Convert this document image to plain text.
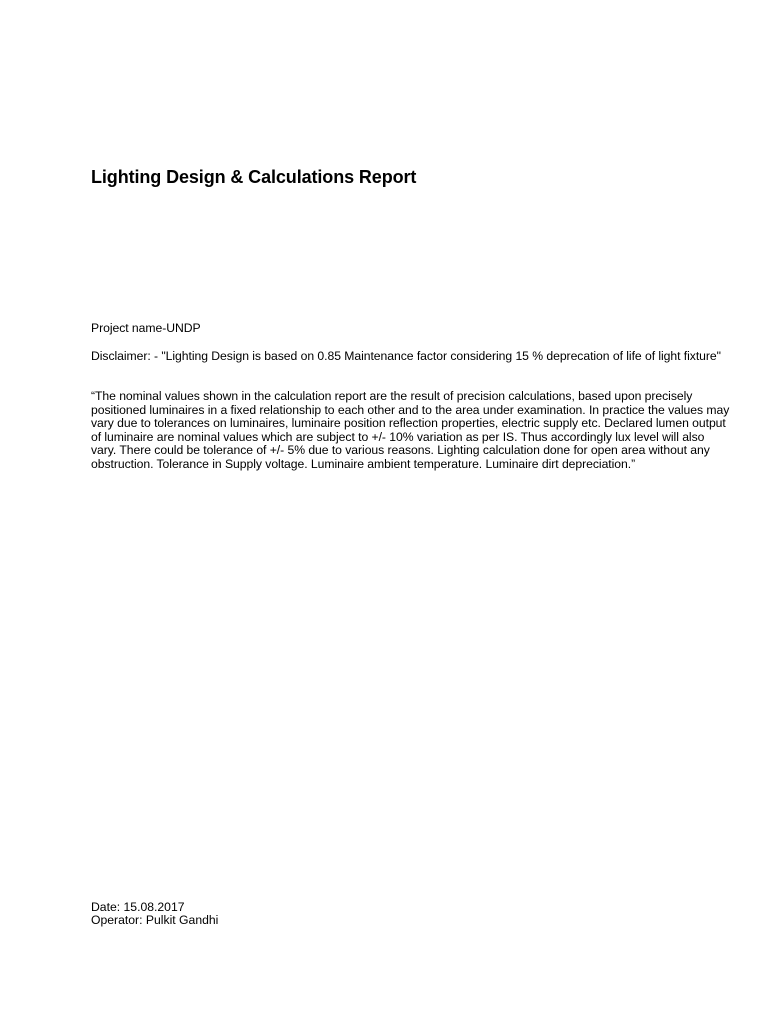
Lighting Design & Calculations Report
Project name-UNDP
Disclaimer: - "Lighting Design is based on 0.85 Maintenance factor considering 15 % deprecation of life of light fixture"
“The nominal values shown in the calculation report are the result of precision calculations, based upon precisely positioned luminaires in a fixed relationship to each other and to the area under examination. In practice the values may vary due to tolerances on luminaires, luminaire position reflection properties, electric supply etc. Declared lumen output of luminaire are nominal values which are subject to +/- 10% variation as per IS. Thus accordingly lux level will also vary. There could be tolerance of +/- 5% due to various reasons. Lighting calculation done for open area without any obstruction. Tolerance in Supply voltage. Luminaire ambient temperature. Luminaire dirt depreciation.”
Date: 15.08.2017
Operator: Pulkit Gandhi
